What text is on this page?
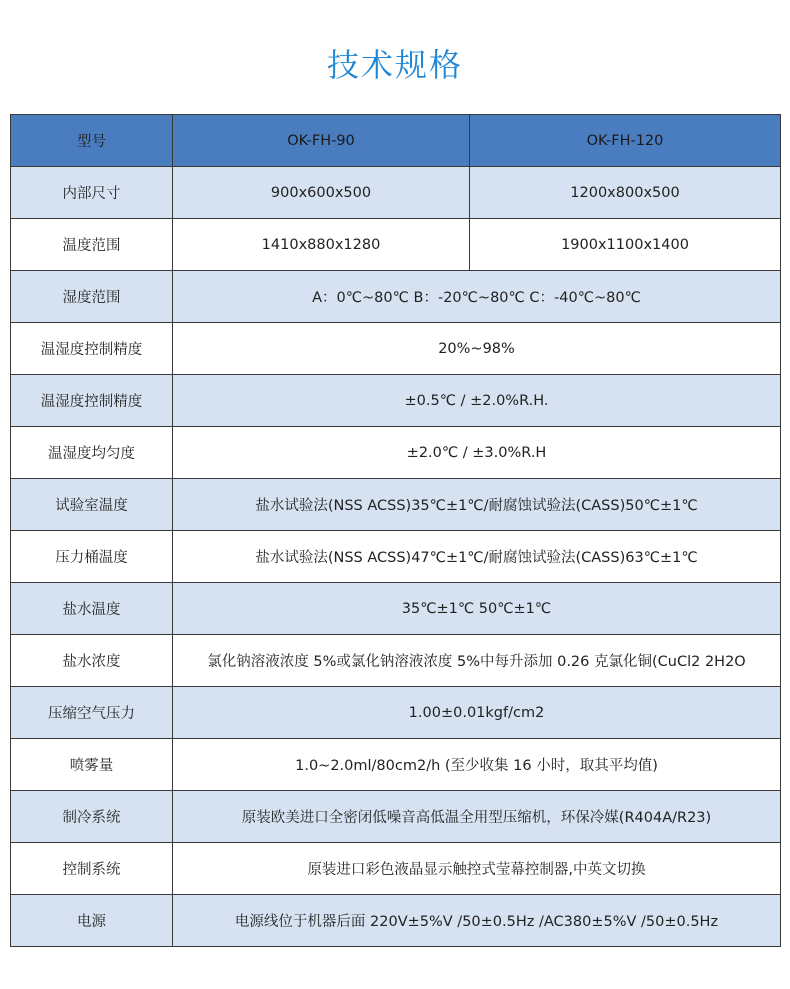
技术规格
型号	OK-FH-90	OK-FH-120
内部尺寸	900x600x500	1200x800x500
温度范围	1410x880x1280	1900x1100x1400
湿度范围	A：0℃~80℃ B：-20℃~80℃ C：-40℃~80℃	
温湿度控制精度	20%~98%	
温湿度控制精度	±0.5℃ / ±2.0%R.H.	
温湿度均匀度	±2.0℃ / ±3.0%R.H	
试验室温度	盐水试验法(NSS ACSS)35℃±1℃/耐腐蚀试验法(CASS)50℃±1℃	
压力桶温度	盐水试验法(NSS ACSS)47℃±1℃/耐腐蚀试验法(CASS)63℃±1℃	
盐水温度	35℃±1℃ 50℃±1℃	
盐水浓度	氯化钠溶液浓度 5%或氯化钠溶液浓度 5%中每升添加 0.26 克氯化铜(CuCl2 2H2O	
压缩空气压力	1.00±0.01kgf/cm2	
喷雾量	1.0~2.0ml/80cm2/h (至少收集 16 小时，取其平均值)	
制冷系统	原装欧美进口全密闭低噪音高低温全用型压缩机，环保冷媒(R404A/R23)	
控制系统	原装进口彩色液晶显示触控式莹幕控制器,中英文切换	
电源	电源线位于机器后面 220V±5%V /50±0.5Hz /AC380±5%V /50±0.5Hz	
